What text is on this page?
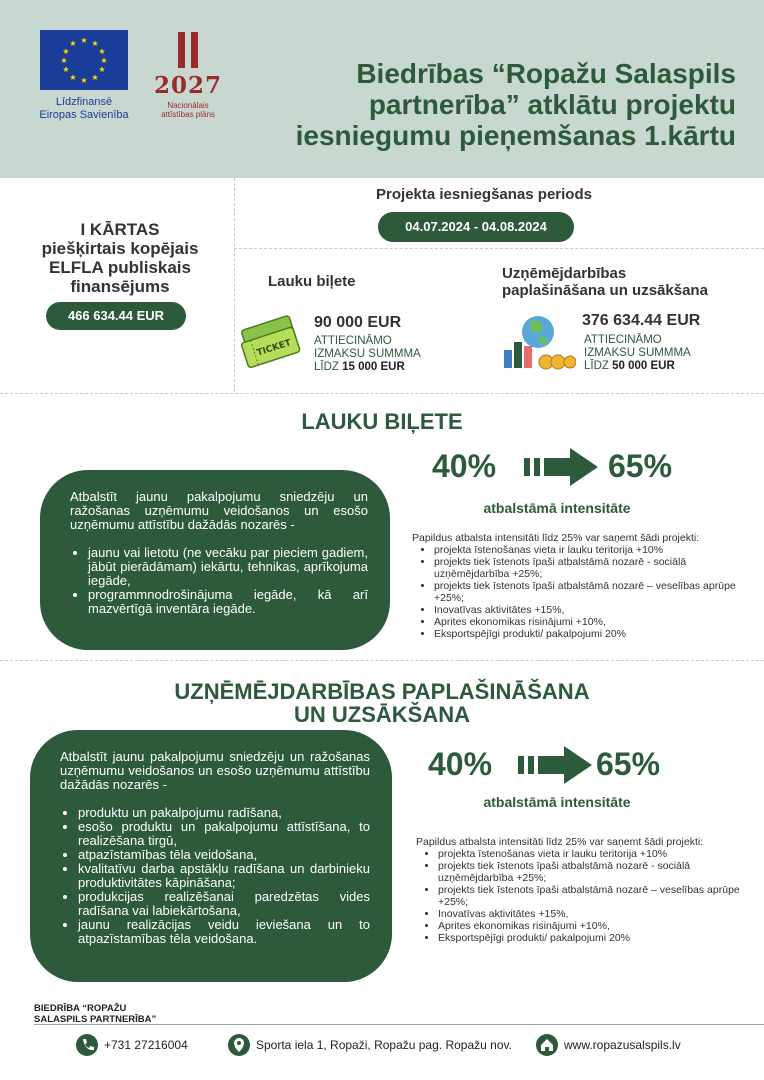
★ ★
★
★
★
★
★
★
★
★
★
★
Līdzfinansē
Eiropas Savienība
2027
Nacionālais
attīstības plāns
Biedrības “Ropažu Salaspils
partnerība” atklātu projektu
iesniegumu pieņemšanas 1.kārtu
I KĀRTAS
piešķirtais kopējais
ELFLA publiskais
finansējums
466 634.44 EUR
Projekta iesniegšanas periods
04.07.2024 - 04.08.2024
Lauku biļete
TICKET
90 000 EUR
ATTIECINĀMO
IZMAKSU SUMMMA
LĪDZ 15 000 EUR
Uzņēmējdarbības
paplašināšana un uzsākšana
376 634.44 EUR
ATTIECINĀMO
IZMAKSU SUMMMA
LĪDZ 50 000 EUR
LAUKU BIĻETE
Atbalstīt jaunu pakalpojumu sniedzēju un ražošanas uzņēmumu veidošanos un esošo uzņēmumu attīstību dažādās nozarēs -
• jaunu vai lietotu (ne vecāku par pieciem gadiem, jābūt pierādāmam) iekārtu, tehnikas, aprīkojuma iegāde,
• programmnodrošinājuma iegāde, kā arī mazvērtīgā inventāra iegāde.
40%	65%
atbalstāmā intensitāte
Papildus atbalsta intensitāti līdz 25% var saņemt šādi projekti:
• projekta īstenošanas vieta ir lauku teritorija +10%
• projekts tiek īstenots īpaši atbalstāmā nozarē - sociālā uzņēmējdarbība +25%;
• projekts tiek īstenots īpaši atbalstāmā nozarē – veselības aprūpe +25%;
• Inovatīvas aktivitātes +15%,
• Aprites ekonomikas risinājumi +10%,
• Eksportspējīgi produkti/ pakalpojumi 20%
UZŅĒMĒJDARBĪBAS PAPLAŠINĀŠANA
UN UZSĀKŠANA
Atbalstīt jaunu pakalpojumu sniedzēju un ražošanas uzņēmumu veidošanos un esošo uzņēmumu attīstību dažādās nozarēs -
• produktu un pakalpojumu radīšana,
• esošo produktu un pakalpojumu attīstīšana, to realizēšana tirgū,
• atpazīstamības tēla veidošana,
• kvalitatīvu darba apstākļu radīšana un darbinieku produktivitātes kāpināšana;
• produkcijas realizēšanai paredzētas vides radīšana vai labiekārtošana,
• jaunu realizācijas veidu ieviešana un to atpazīstamības tēla veidošana.
40%	65%
atbalstāmā intensitāte
Papildus atbalsta intensitāti līdz 25% var saņemt šādi projekti:
• projekta īstenošanas vieta ir lauku teritorija +10%
• projekts tiek īstenots īpaši atbalstāmā nozarē - sociālā uzņēmējdarbība +25%;
• projekts tiek īstenots īpaši atbalstāmā nozarē – veselības aprūpe +25%;
• Inovatīvas aktivitātes +15%,
• Aprites ekonomikas risinājumi +10%,
• Eksportspējīgi produkti/ pakalpojumi 20%
BIEDRĪBA “ROPAŽU
SALASPILS PARTNERĪBA”
+731 27216004	Sporta iela 1, Ropaži, Ropažu pag. Ropažu nov.	www.ropazusalspils.lv
